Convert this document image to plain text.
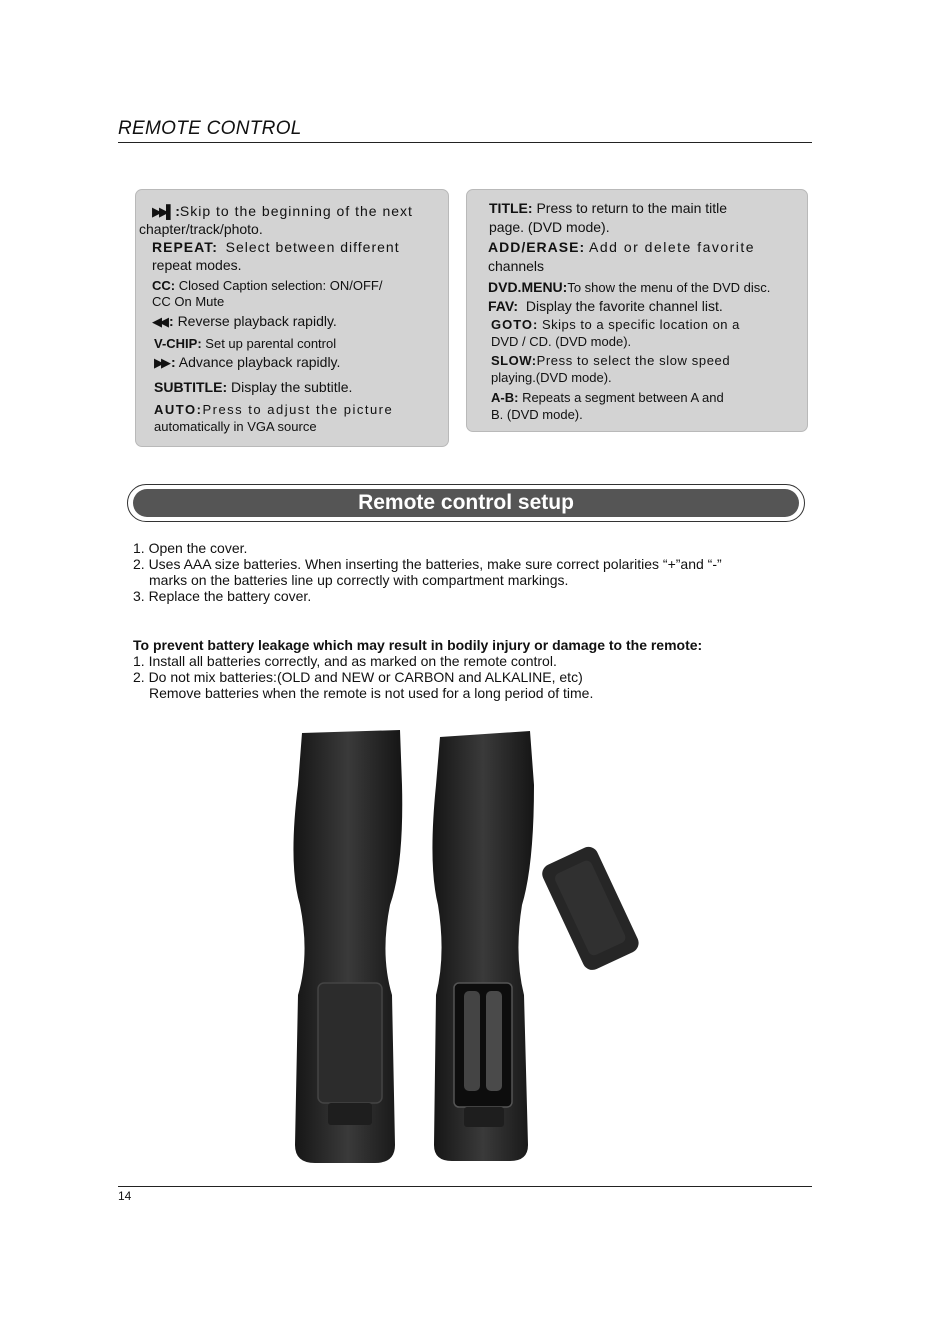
REMOTE CONTROL
▶▶▌ :Skip to the beginning of the next
chapter/track/photo.
REPEAT: Select between different
repeat modes.
CC: Closed Caption selection: ON/OFF/
CC On Mute
◀◀ : Reverse playback rapidly.
V-CHIP: Set up parental control
▶▶ : Advance playback rapidly.
SUBTITLE: Display the subtitle.
AUTO:Press to adjust the picture
automatically in VGA source
TITLE: Press to return to the main title
page. (DVD mode).
ADD/ERASE: Add or delete favorite
channels
DVD.MENU:To show the menu of the DVD disc.
FAV: Display the favorite channel list.
GOTO: Skips to a specific location on a
DVD / CD. (DVD mode).
SLOW:Press to select the slow speed
playing.(DVD mode).
A-B: Repeats a segment between A and
B. (DVD mode).
Remote control setup
1. Open the cover.
2. Uses AAA size batteries. When inserting the batteries, make sure correct polarities “+”and “-”
marks on the batteries line up correctly with compartment markings.
3. Replace the battery cover.
To prevent battery leakage which may result in bodily injury or damage to the remote:
1. Install all batteries correctly, and as marked on the remote control.
2. Do not mix batteries:(OLD and NEW or CARBON and ALKALINE, etc)
Remove batteries when the remote is not used for a long period of time.
14
